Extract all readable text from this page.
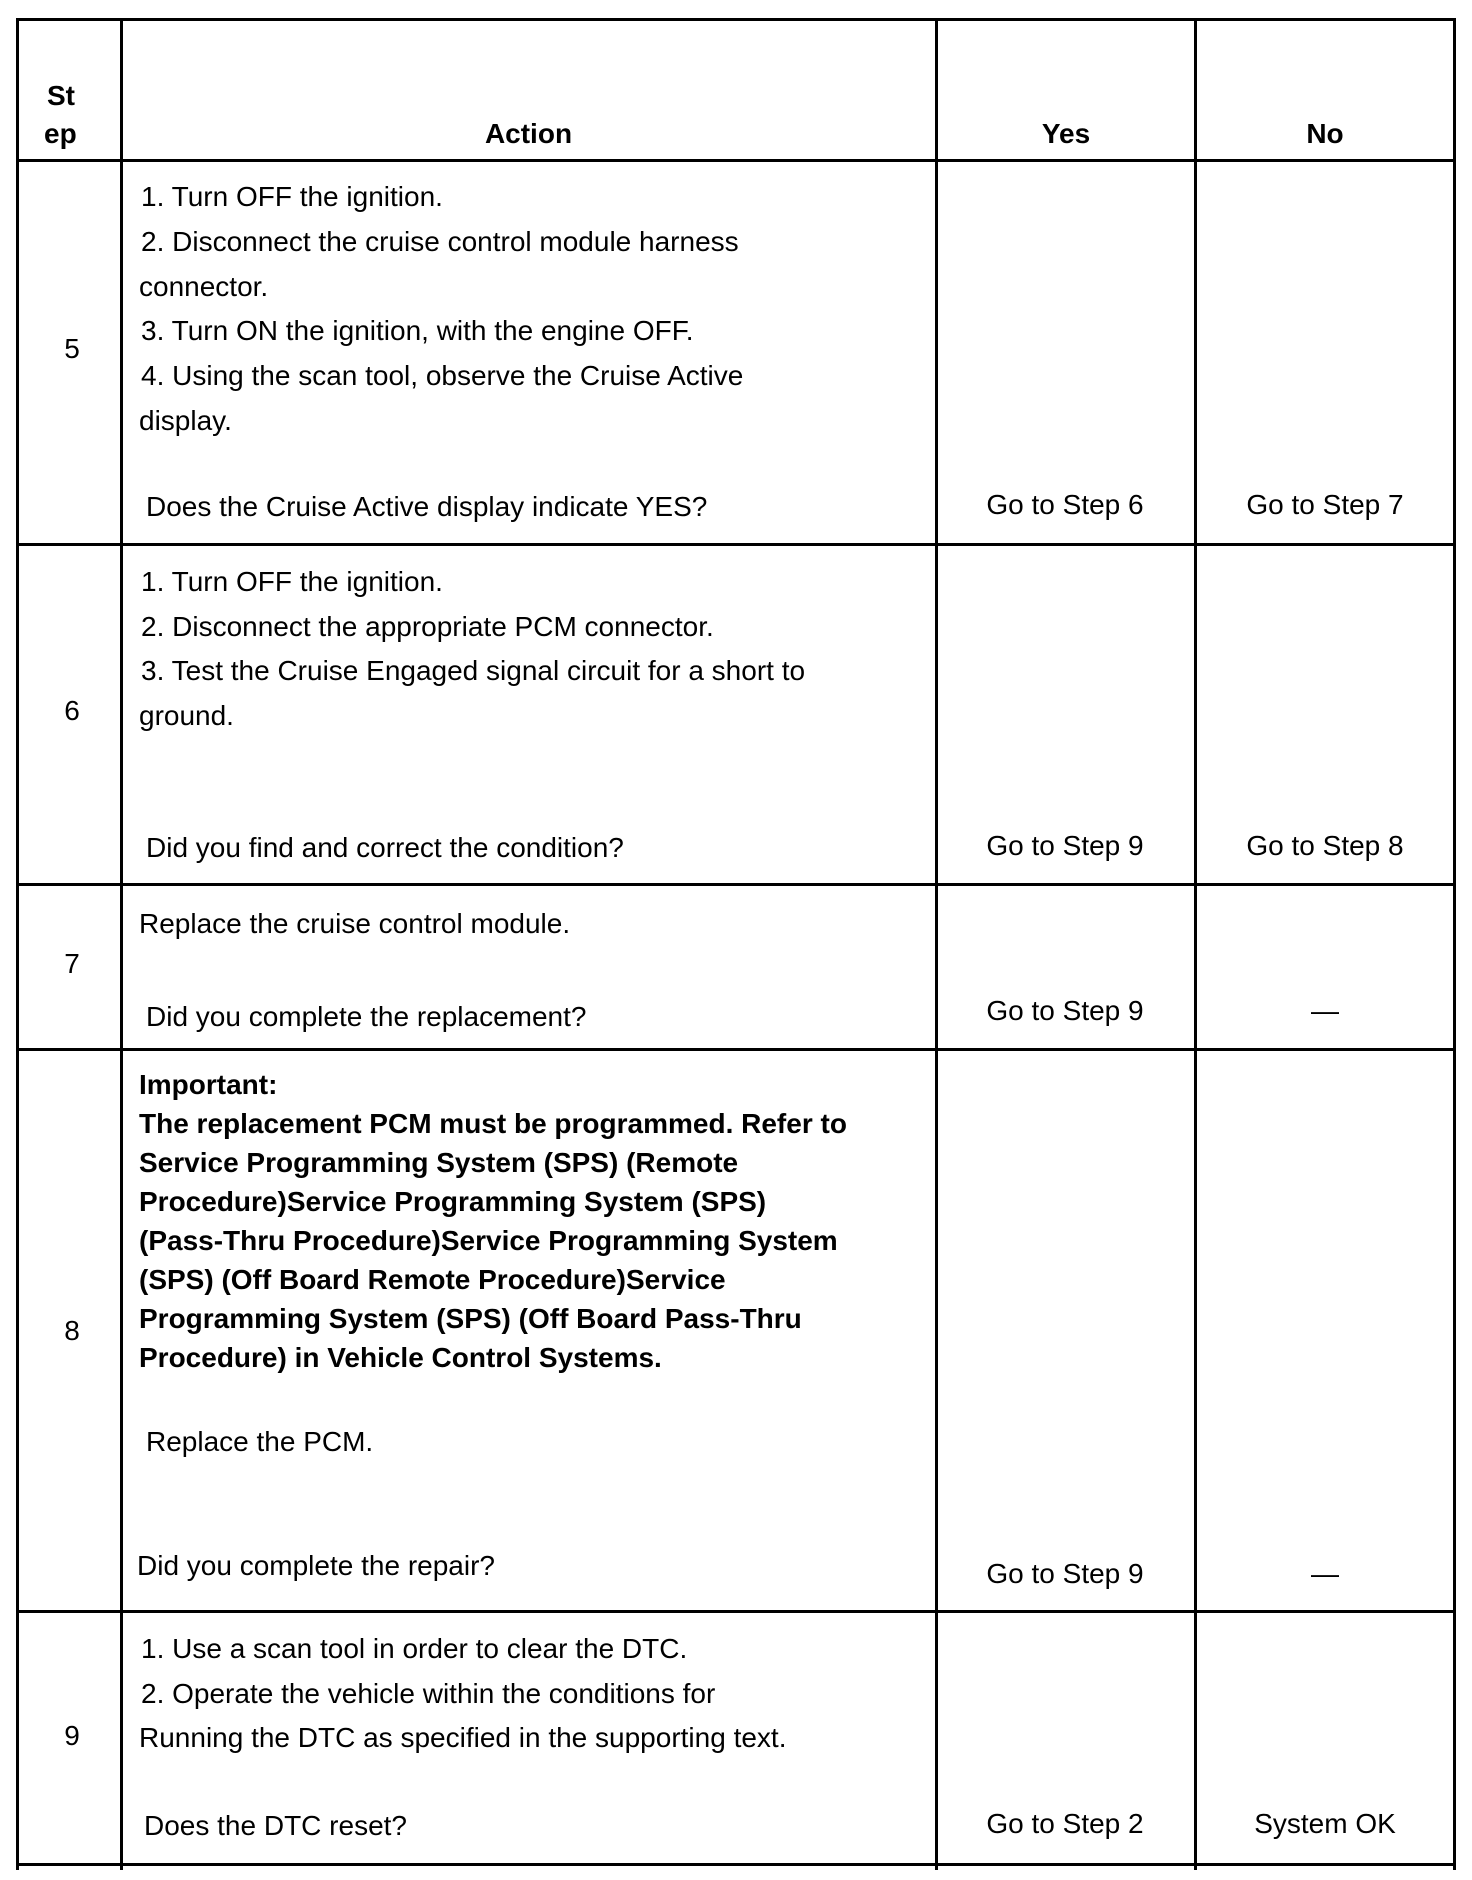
St
ep	Action	Yes	No
5
1. Turn OFF the ignition.
2. Disconnect the cruise control module harness
connector.
3. Turn ON the ignition, with the engine OFF.
4. Using the scan tool, observe the Cruise Active
display.
Does the Cruise Active display indicate YES?	Go to Step 6	Go to Step 7
6
1. Turn OFF the ignition.
2. Disconnect the appropriate PCM connector.
3. Test the Cruise Engaged signal circuit for a short to
ground.
Did you find and correct the condition?	Go to Step 9	Go to Step 8
7
Replace the cruise control module.
Did you complete the replacement?	Go to Step 9	—
8
Important:
The replacement PCM must be programmed. Refer to
Service Programming System (SPS) (Remote
Procedure)Service Programming System (SPS)
(Pass-Thru Procedure)Service Programming System
(SPS) (Off Board Remote Procedure)Service
Programming System (SPS) (Off Board Pass-Thru
Procedure) in Vehicle Control Systems.
Replace the PCM.
Did you complete the repair?	Go to Step 9	—
9
1. Use a scan tool in order to clear the DTC.
2. Operate the vehicle within the conditions for
Running the DTC as specified in the supporting text.
Does the DTC reset?	Go to Step 2	System OK
